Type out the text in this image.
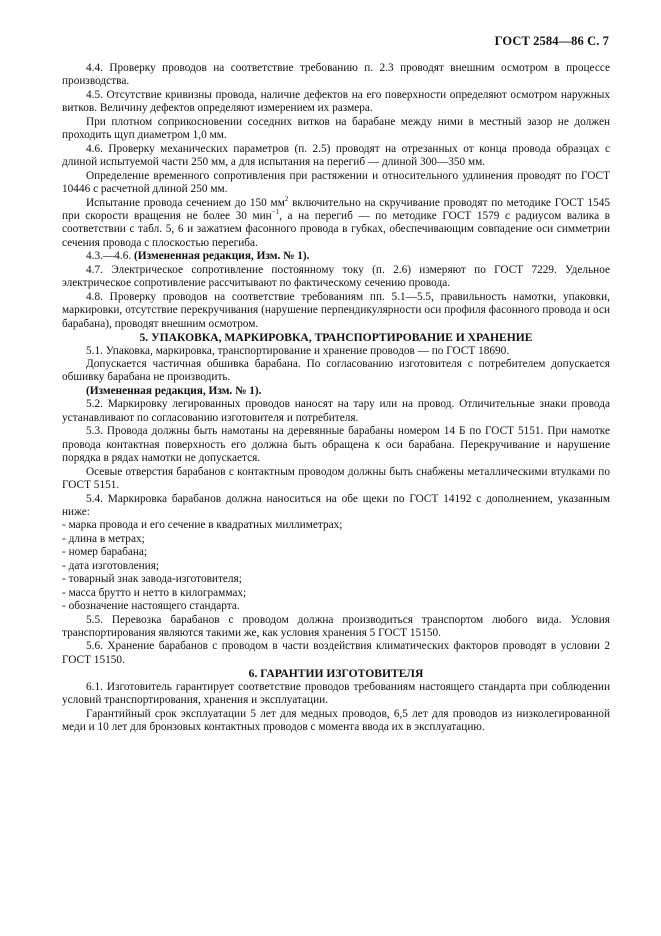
ГОСТ 2584—86 С. 7

4.4. Проверку проводов на соответствие требованию п. 2.3 проводят внешним осмотром в процессе производства.

4.5. Отсутствие кривизны провода, наличие дефектов на его поверхности определяют осмотром наружных витков. Величину дефектов определяют измерением их размера.

При плотном соприкосновении соседних витков на барабане между ними в местный зазор не должен проходить щуп диаметром 1,0 мм.

4.6. Проверку механических параметров (п. 2.5) проводят на отрезанных от конца провода образцах с длиной испытуемой части 250 мм, а для испытания на перегиб — длиной 300—350 мм.

Определение временного сопротивления при растяжении и относительного удлинения проводят по ГОСТ 10446 с расчетной длиной 250 мм.

Испытание провода сечением до 150 $мм^2$ включительно на скручивание проводят по методике ГОСТ 1545 при скорости вращения не более 30 мин$^{-1}$, а на перегиб — по методике ГОСТ 1579 с радиусом валика в соответствии с табл. 5, 6 и зажатием фасонного провода в губках, обеспечивающим совпадение оси симметрии сечения провода с плоскостью перегиба.

4.3.—4.6. (Измененная редакция, Изм. № 1).

4.7. Электрическое сопротивление постоянному току (п. 2.6) измеряют по ГОСТ 7229. Удельное электрическое сопротивление рассчитывают по фактическому сечению провода.

4.8. Проверку проводов на соответствие требованиям пп. 5.1—5.5, правильность намотки, упаковки, маркировки, отсутствие перекручивания (нарушение перпендикулярности оси профиля фасонного провода и оси барабана), проводят внешним осмотром.

5. УПАКОВКА, МАРКИРОВКА, ТРАНСПОРТИРОВАНИЕ И ХРАНЕНИЕ

5.1. Упаковка, маркировка, транспортирование и хранение проводов — по ГОСТ 18690.

Допускается частичная обшивка барабана. По согласованию изготовителя с потребителем допускается обшивку барабана не производить.

(Измененная редакция, Изм. № 1).

5.2. Маркировку легированных проводов наносят на тару или на провод. Отличительные знаки провода устанавливают по согласованию изготовителя и потребителя.

5.3. Провода должны быть намотаны на деревянные барабаны номером 14 Б по ГОСТ 5151. При намотке провода контактная поверхность его должна быть обращена к оси барабана. Перекручивание и нарушение порядка в рядах намотки не допускается.

Осевые отверстия барабанов с контактным проводом должны быть снабжены металлическими втулками по ГОСТ 5151.

5.4. Маркировка барабанов должна наноситься на обе щеки по ГОСТ 14192 с дополнением, указанным ниже:

- марка провода и его сечение в квадратных миллиметрах;

- длина в метрах;

- номер барабана;

- дата изготовления;

- товарный знак завода-изготовителя;

- масса брутто и нетто в килограммах;

- обозначение настоящего стандарта.

5.5. Перевозка барабанов с проводом должна производиться транспортом любого вида. Условия транспортирования являются такими же, как условия хранения 5 ГОСТ 15150.

5.6. Хранение барабанов с проводом в части воздействия климатических факторов проводят в условии 2 ГОСТ 15150.

6. ГАРАНТИИ ИЗГОТОВИТЕЛЯ

6.1. Изготовитель гарантирует соответствие проводов требованиям настоящего стандарта при соблюдении условий транспортирования, хранения и эксплуатации.

Гарантийный срок эксплуатации 5 лет для медных проводов, 6,5 лет для проводов из низколегированной меди и 10 лет для бронзовых контактных проводов с момента ввода их в эксплуатацию.
